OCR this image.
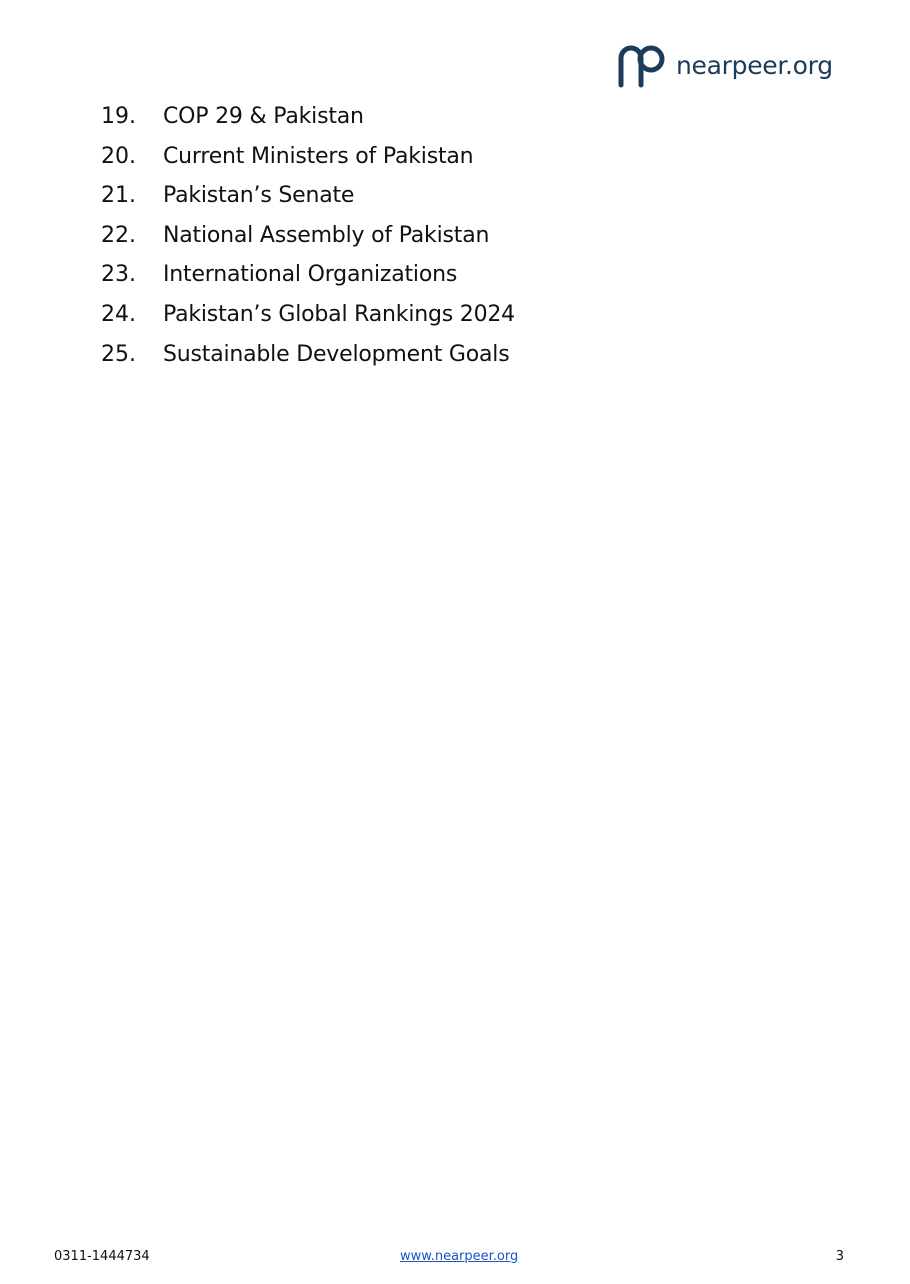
nearpeer.org
19. COP 29 & Pakistan
20. Current Ministers of Pakistan
21. Pakistan’s Senate
22. National Assembly of Pakistan
23. International Organizations
24. Pakistan’s Global Rankings 2024
25. Sustainable Development Goals
0311-1444734	www.nearpeer.org	3
